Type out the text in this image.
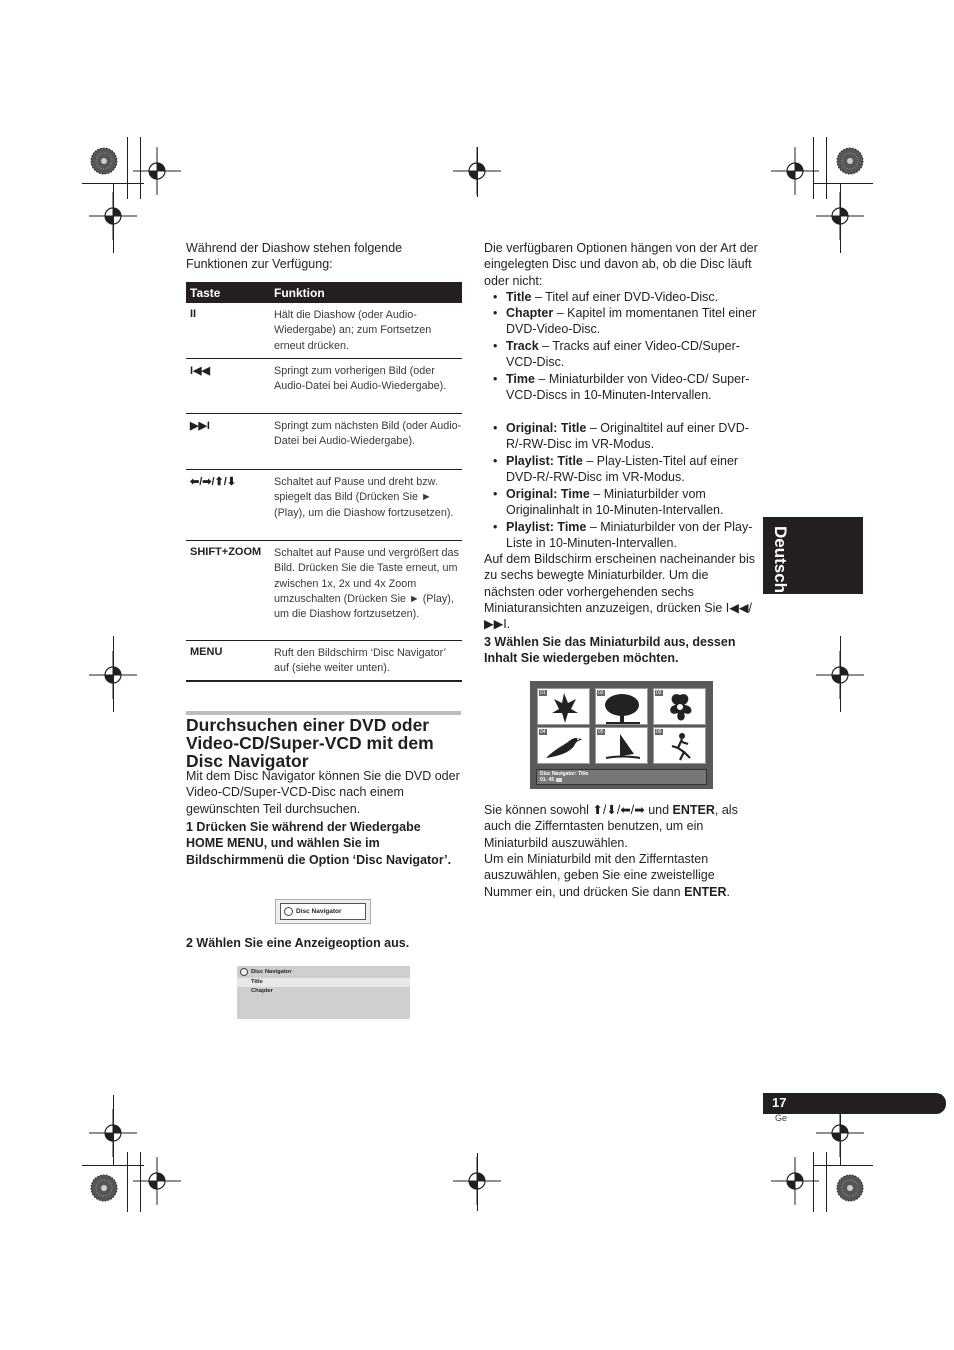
Während der Diashow stehen folgende Funktionen zur Verfügung:
Taste	Funktion
II	Hält die Diashow (oder Audio-Wiedergabe) an; zum Fortsetzen erneut drücken.
I◀◀	Springt zum vorherigen Bild (oder Audio-Datei bei Audio-Wiedergabe).
▶▶I	Springt zum nächsten Bild (oder Audio-Datei bei Audio-Wiedergabe).
⬅/➡/⬆/⬇	Schaltet auf Pause und dreht bzw. spiegelt das Bild (Drücken Sie ► (Play), um die Diashow fortzusetzen).
SHIFT+ZOOM	Schaltet auf Pause und vergrößert das Bild. Drücken Sie die Taste erneut, um zwischen 1x, 2x und 4x Zoom umzuschalten (Drücken Sie ► (Play), um die Diashow fortzusetzen).
MENU	Ruft den Bildschirm ‘Disc Navigator’ auf (siehe weiter unten).
Durchsuchen einer DVD oder Video-CD/Super-VCD mit dem Disc Navigator
Mit dem Disc Navigator können Sie die DVD oder Video-CD/Super-VCD-Disc nach einem gewünschten Teil durchsuchen.
1 Drücken Sie während der Wiedergabe HOME MENU, und wählen Sie im Bildschirmmenü die Option ‘Disc Navigator’.
Disc Navigator
2 Wählen Sie eine Anzeigeoption aus.
Disc Navigator
Title
Chapter
Die verfügbaren Optionen hängen von der Art der eingelegten Disc und davon ab, ob die Disc läuft oder nicht:
• Title – Titel auf einer DVD-Video-Disc.
• Chapter – Kapitel im momentanen Titel einer DVD-Video-Disc.
• Track – Tracks auf einer Video-CD/Super-VCD-Disc.
• Time – Miniaturbilder von Video-CD/ Super-VCD-Discs in 10-Minuten-Intervallen.
• Original: Title – Originaltitel auf einer DVD-R/-RW-Disc im VR-Modus.
• Playlist: Title – Play-Listen-Titel auf einer DVD-R/-RW-Disc im VR-Modus.
• Original: Time – Miniaturbilder vom Originalinhalt in 10-Minuten-Intervallen.
• Playlist: Time – Miniaturbilder von der Play-Liste in 10-Minuten-Intervallen.
Auf dem Bildschirm erscheinen nacheinander bis zu sechs bewegte Miniaturbilder. Um die nächsten oder vorhergehenden sechs Miniaturansichten anzuzeigen, drücken Sie I◀◀/▶▶I.
3 Wählen Sie das Miniaturbild aus, dessen Inhalt Sie wiedergeben möchten.
01	02	03
04	05	06
Disc Navigator: Title
01- 45
Sie können sowohl ⬆/⬇/⬅/➡ und ENTER, als auch die Zifferntasten benutzen, um ein Miniaturbild auszuwählen.
Um ein Miniaturbild mit den Zifferntasten auszuwählen, geben Sie eine zweistellige Nummer ein, und drücken Sie dann ENTER.
Deutsch
17
Ge
